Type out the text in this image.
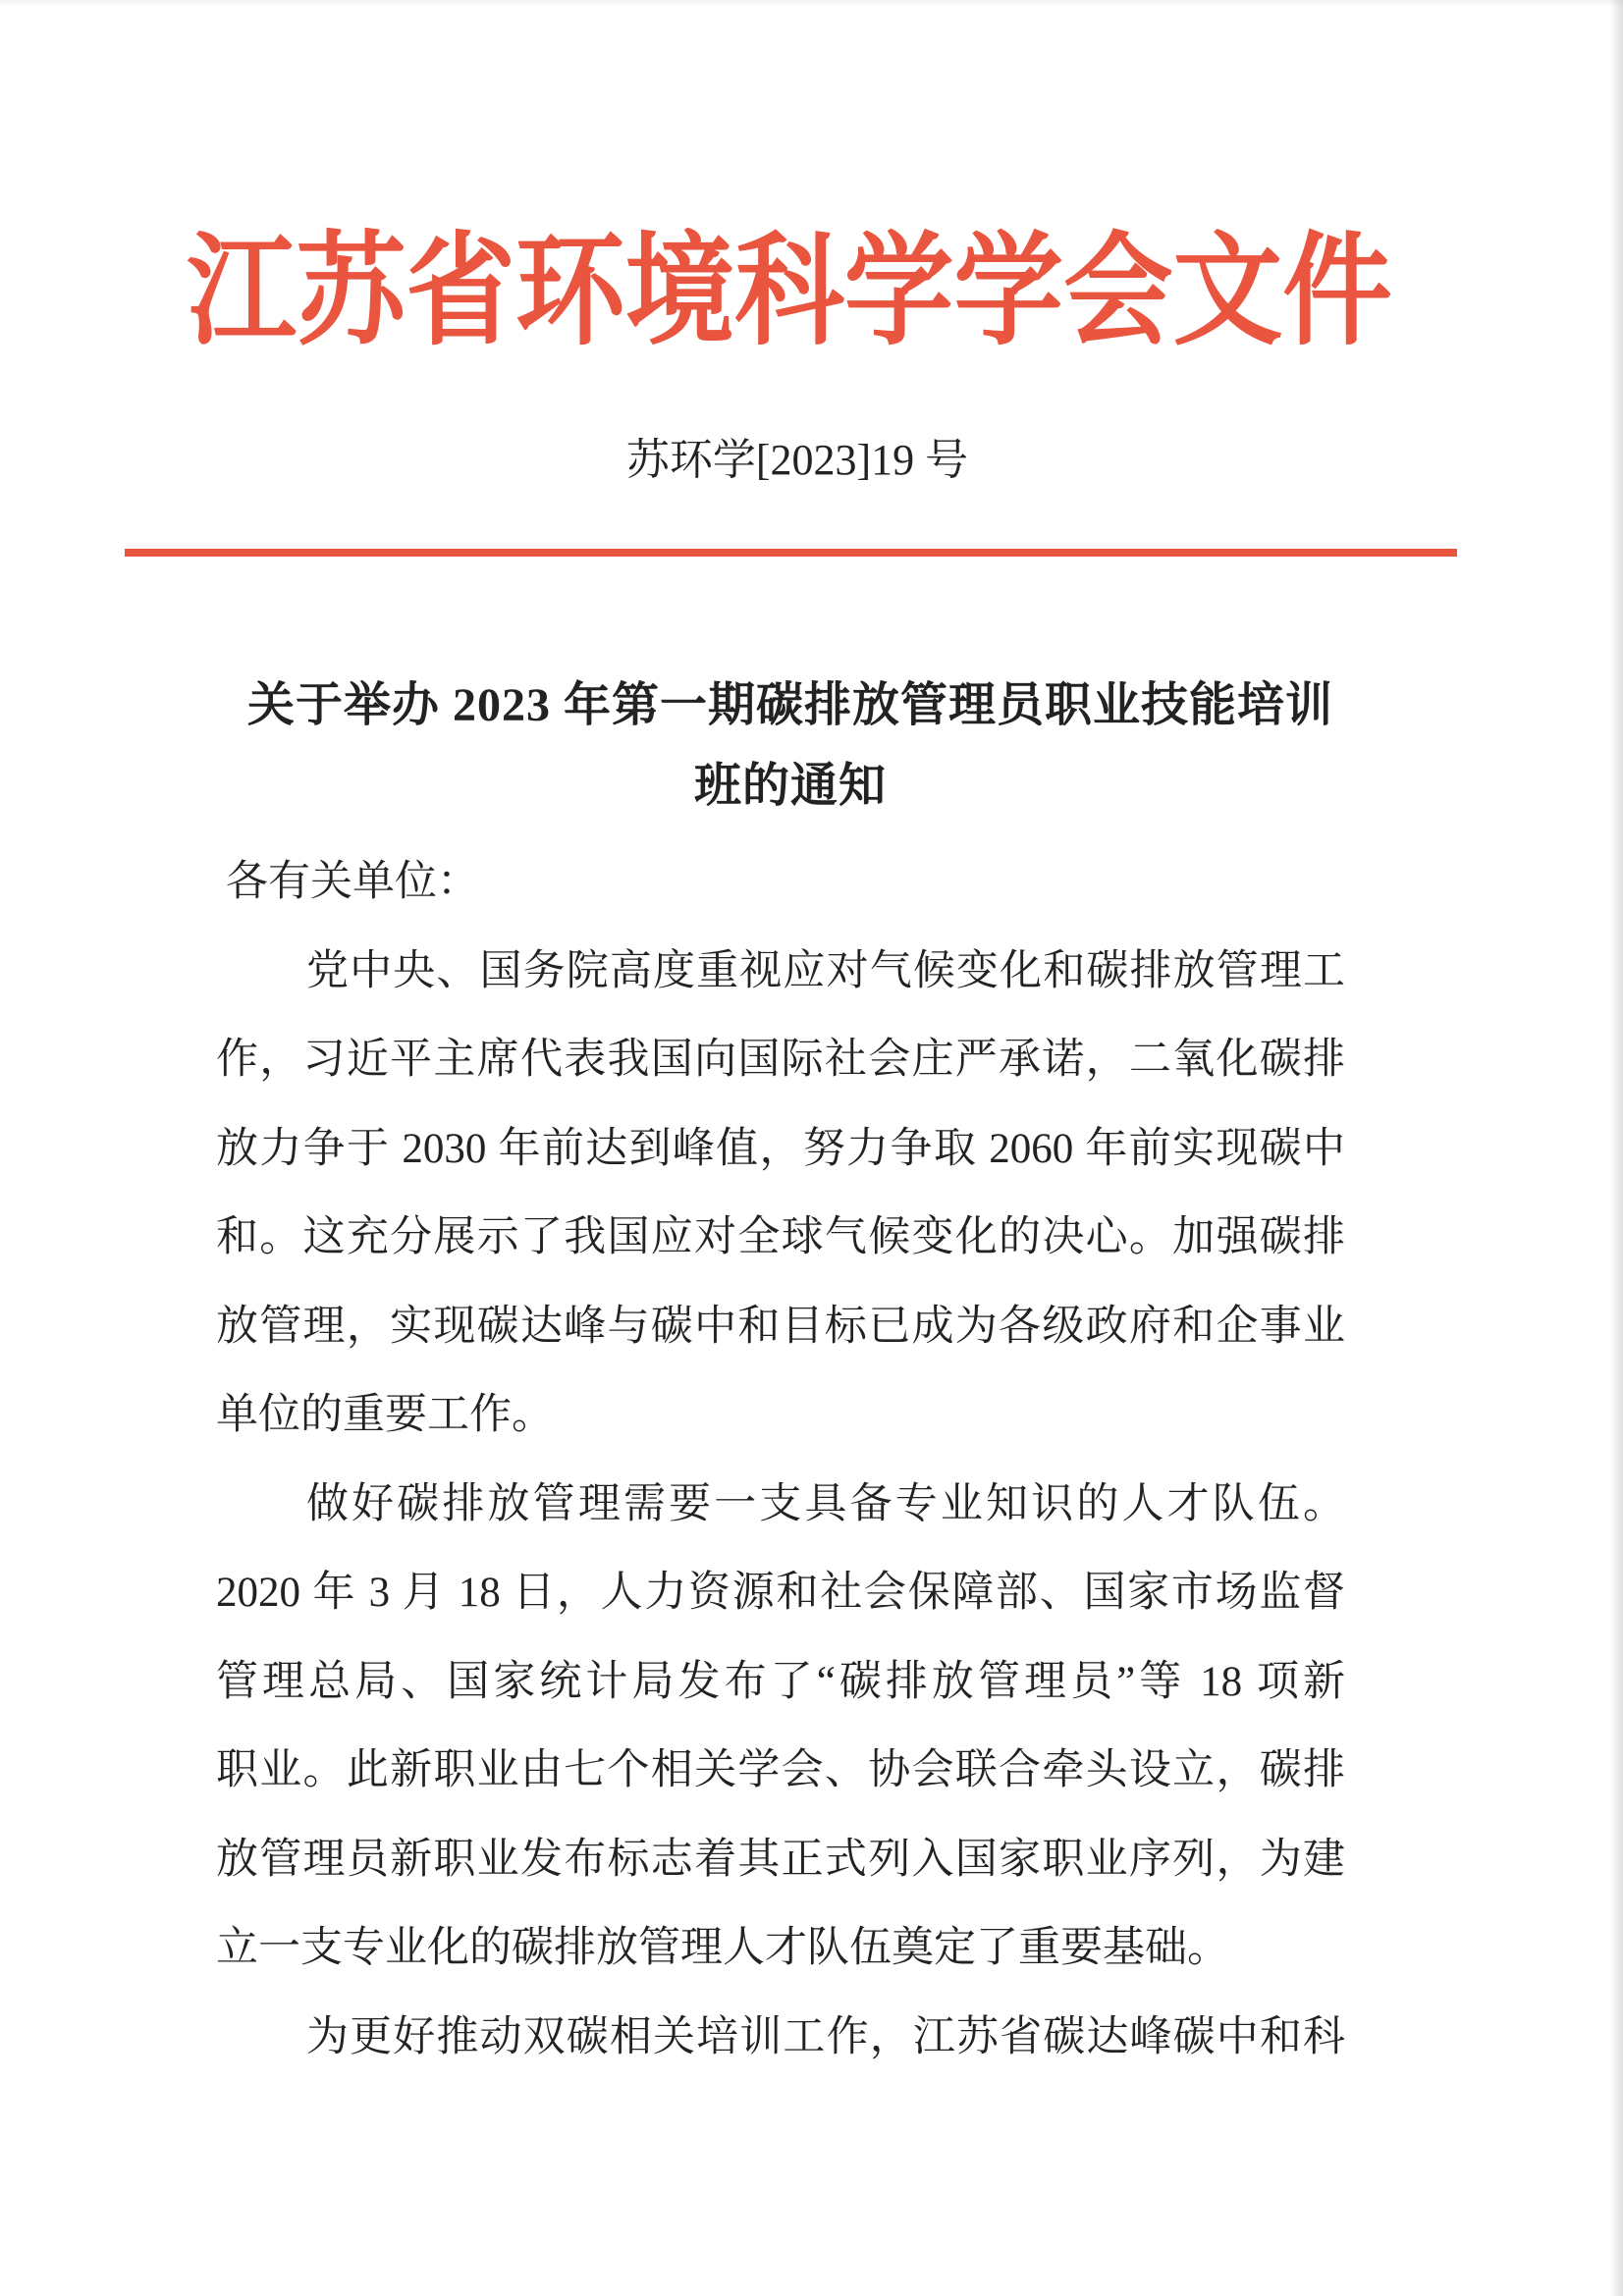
江苏省环境科学学会文件
苏环学[2023]19 号
关于举办 2023 年第一期碳排放管理员职业技能培训
班的通知
各有关单位：
党中央、国务院高度重视应对气候变化和碳排放管理工
作，习近平主席代表我国向国际社会庄严承诺，二氧化碳排
放力争于 2030 年前达到峰值，努力争取 2060 年前实现碳中
和。这充分展示了我国应对全球气候变化的决心。加强碳排
放管理，实现碳达峰与碳中和目标已成为各级政府和企事业
单位的重要工作。
做好碳排放管理需要一支具备专业知识的人才队伍。
2020 年 3 月 18 日，人力资源和社会保障部、国家市场监督
管理总局、国家统计局发布了“碳排放管理员”等 18 项新
职业。此新职业由七个相关学会、协会联合牵头设立，碳排
放管理员新职业发布标志着其正式列入国家职业序列，为建
立一支专业化的碳排放管理人才队伍奠定了重要基础。
为更好推动双碳相关培训工作，江苏省碳达峰碳中和科
